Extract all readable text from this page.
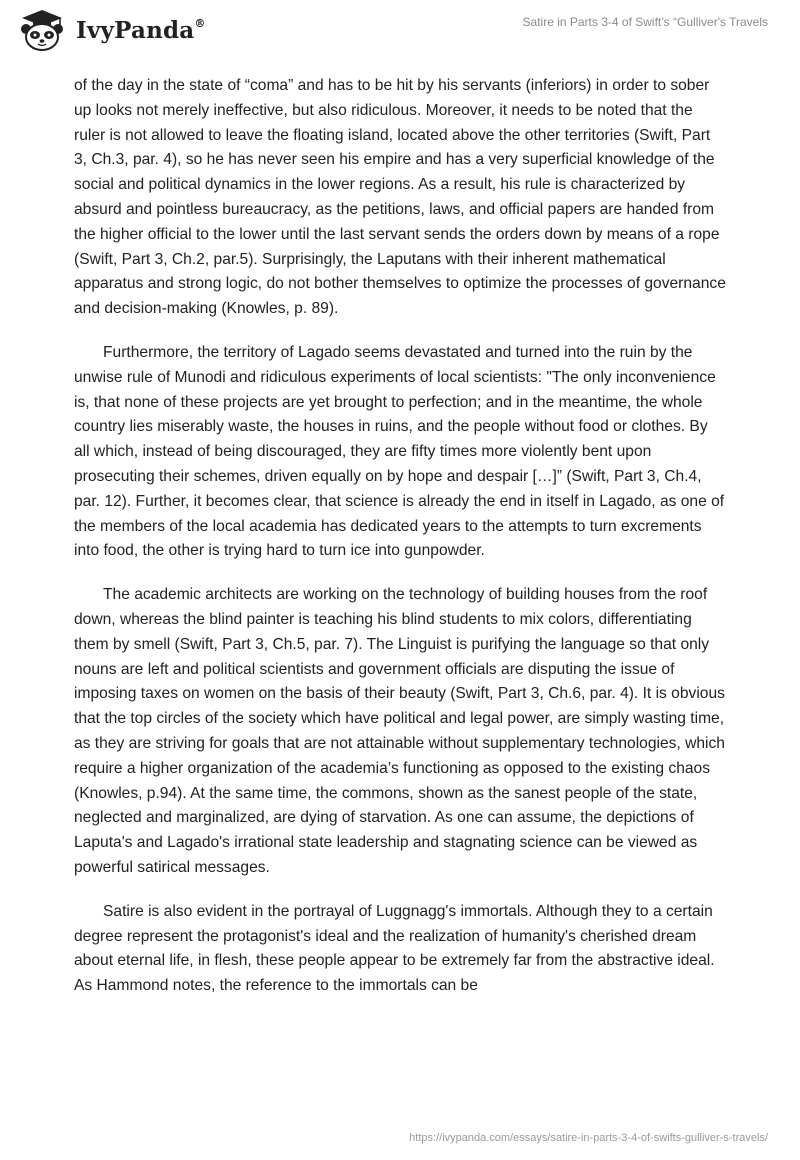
IvyPanda®	Satire in Parts 3-4 of Swift’s “Gulliver's Travels

of the day in the state of “coma” and has to be hit by his servants (inferiors) in order to sober up looks not merely ineffective, but also ridiculous. Moreover, it needs to be noted that the ruler is not allowed to leave the floating island, located above the other territories (Swift, Part 3, Ch.3, par. 4), so he has never seen his empire and has a very superficial knowledge of the social and political dynamics in the lower regions. As a result, his rule is characterized by absurd and pointless bureaucracy, as the petitions, laws, and official papers are handed from the higher official to the lower until the last servant sends the orders down by means of a rope (Swift, Part 3, Ch.2, par.5). Surprisingly, the Laputans with their inherent mathematical apparatus and strong logic, do not bother themselves to optimize the processes of governance and decision-making (Knowles, p. 89).

Furthermore, the territory of Lagado seems devastated and turned into the ruin by the unwise rule of Munodi and ridiculous experiments of local scientists: "The only inconvenience is, that none of these projects are yet brought to perfection; and in the meantime, the whole country lies miserably waste, the houses in ruins, and the people without food or clothes. By all which, instead of being discouraged, they are fifty times more violently bent upon prosecuting their schemes, driven equally on by hope and despair […]” (Swift, Part 3, Ch.4, par. 12). Further, it becomes clear, that science is already the end in itself in Lagado, as one of the members of the local academia has dedicated years to the attempts to turn excrements into food, the other is trying hard to turn ice into gunpowder.

The academic architects are working on the technology of building houses from the roof down, whereas the blind painter is teaching his blind students to mix colors, differentiating them by smell (Swift, Part 3, Ch.5, par. 7). The Linguist is purifying the language so that only nouns are left and political scientists and government officials are disputing the issue of imposing taxes on women on the basis of their beauty (Swift, Part 3, Ch.6, par. 4). It is obvious that the top circles of the society which have political and legal power, are simply wasting time, as they are striving for goals that are not attainable without supplementary technologies, which require a higher organization of the academia’s functioning as opposed to the existing chaos (Knowles, p.94). At the same time, the commons, shown as the sanest people of the state, neglected and marginalized, are dying of starvation. As one can assume, the depictions of Laputa's and Lagado's irrational state leadership and stagnating science can be viewed as powerful satirical messages.

Satire is also evident in the portrayal of Luggnagg's immortals. Although they to a certain degree represent the protagonist's ideal and the realization of humanity's cherished dream about eternal life, in flesh, these people appear to be extremely far from the abstractive ideal. As Hammond notes, the reference to the immortals can be

https://ivypanda.com/essays/satire-in-parts-3-4-of-swifts-gulliver-s-travels/
